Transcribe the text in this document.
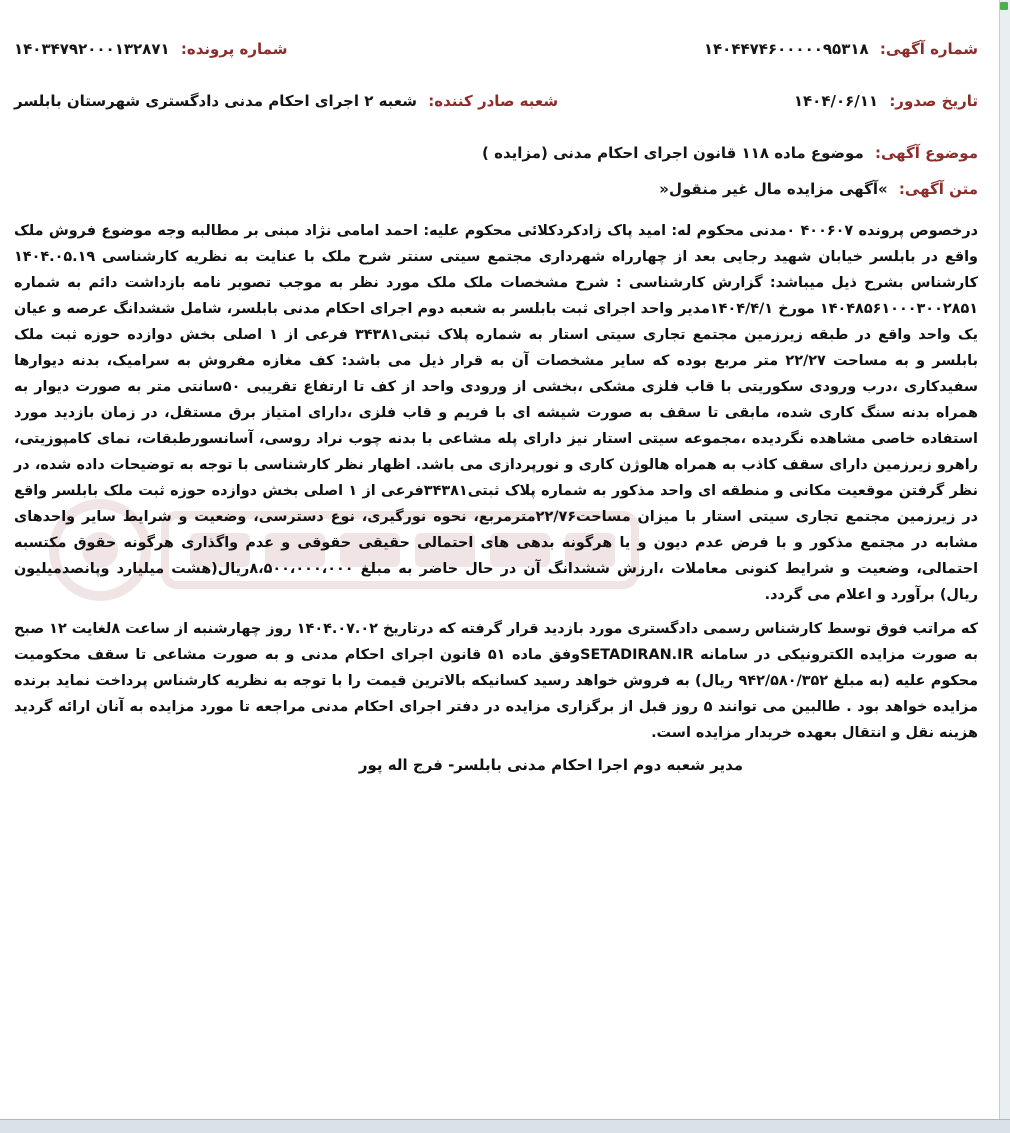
شماره آگهی: ۱۴۰۴۴۷۴۶۰۰۰۰۰۹۵۳۱۸
شماره پرونده: ۱۴۰۳۴۷۹۲۰۰۰۱۳۲۸۷۱
تاریخ صدور: ۱۴۰۴/۰۶/۱۱
شعبه صادر کننده: شعبه ۲ اجرای احکام مدنی دادگستری شهرستان بابلسر
موضوع آگهی: موضوع ماده ۱۱۸ قانون اجرای احکام مدنی (مزایده )
متن آگهی: »آگهی مزایده مال غیر منقول«

درخصوص پرونده ۴۰۰۶۰۷ ۰مدنی محکوم له: امید پاک زادکردکلائی محکوم علیه: احمد امامی نژاد مبنی بر مطالبه وجه موضوع فروش ملک واقع در بابلسر خیابان شهید رجایی بعد از چهارراه شهرداری مجتمع سیتی سنتر شرح ملک با عنایت به نظریه کارشناسی ۱۴۰۴.۰۵.۱۹ کارشناس بشرح ذیل میباشد: گزارش کارشناسی : شرح مشخصات ملک ملک مورد نظر به موجب تصویر نامه بازداشت دائم به شماره ۱۴۰۴۸۵۶۱۰۰۰۳۰۰۲۸۵۱ مورخ ۱۴۰۴/۴/۱مدیر واحد اجرای ثبت بابلسر به شعبه دوم اجرای احکام مدنی بابلسر، شامل ششدانگ عرصه و عیان یک واحد واقع در طبقه زیرزمین مجتمع تجاری سیتی استار به شماره پلاک ثبتی۳۴۳۸۱ فرعی از ۱ اصلی بخش دوازده حوزه ثبت ملک بابلسر و به مساحت ۲۲/۲۷ متر مربع بوده که سایر مشخصات آن به قرار ذیل می باشد: کف مغازه مفروش به سرامیک، بدنه دیوارها سفیدکاری ،درب ورودی سکوریتی با قاب فلزی مشکی ،بخشی از ورودی واحد از کف تا ارتفاع تقریبی ۵۰سانتی متر به صورت دیوار به همراه بدنه سنگ کاری شده، مابقی تا سقف به صورت شیشه ای با فریم و قاب فلزی ،دارای امتیاز برق مستقل، در زمان بازدید مورد استفاده خاصی مشاهده نگردیده ،مجموعه سیتی استار نیز دارای پله مشاعی با بدنه چوب نراد روسی، آسانسورطبقات، نمای کامپوزیتی، راهرو زیرزمین دارای سقف کاذب به همراه هالوژن کاری و نورپردازی می باشد. اظهار نظر کارشناسی با توجه به توضیحات داده شده، در نظر گرفتن موقعیت مکانی و منطقه ای واحد مذکور به شماره پلاک ثبتی۳۴۳۸۱فرعی از ۱ اصلی بخش دوازده حوزه ثبت ملک بابلسر واقع در زیرزمین مجتمع تجاری سیتی استار با میزان مساحت۲۲/۷۶مترمربع، نحوه نورگیری، نوع دسترسی، وضعیت و شرایط سایر واحدهای مشابه در مجتمع مذکور و با فرض عدم دیون و یا هرگونه بدهی های احتمالی حقیقی حقوقی و عدم واگذاری هرگونه حقوق مکتسبه احتمالی، وضعیت و شرایط کنونی معاملات ،ارزش ششدانگ آن در حال حاضر به مبلغ ۸،۵۰۰،۰۰۰،۰۰۰ریال(هشت میلیارد وپانصدمیلیون ریال) برآورد و اعلام می گردد.

که مراتب فوق توسط کارشناس رسمی دادگستری مورد بازدید قرار گرفته که درتاریخ ۱۴۰۴.۰۷.۰۲ روز چهارشنبه از ساعت ۸لغایت ۱۲ صبح به صورت مزایده الکترونیکی در سامانه SETADIRAN.IRوفق ماده ۵۱ قانون اجرای احکام مدنی و به صورت مشاعی تا سقف محکومیت محکوم علیه (به مبلغ ۹۴۲/۵۸۰/۳۵۲ ریال) به فروش خواهد رسید کسانیکه بالاترین قیمت را با توجه به نظریه کارشناس پرداخت نماید برنده مزایده خواهد بود . طالبین می توانند ۵ روز قبل از برگزاری مزایده در دفتر اجرای احکام مدنی مراجعه تا مورد مزایده به آنان ارائه گردید هزینه نقل و انتقال بعهده خریدار مزایده است.

مدیر شعبه دوم اجرا احکام مدنی بابلسر- فرج اله پور
